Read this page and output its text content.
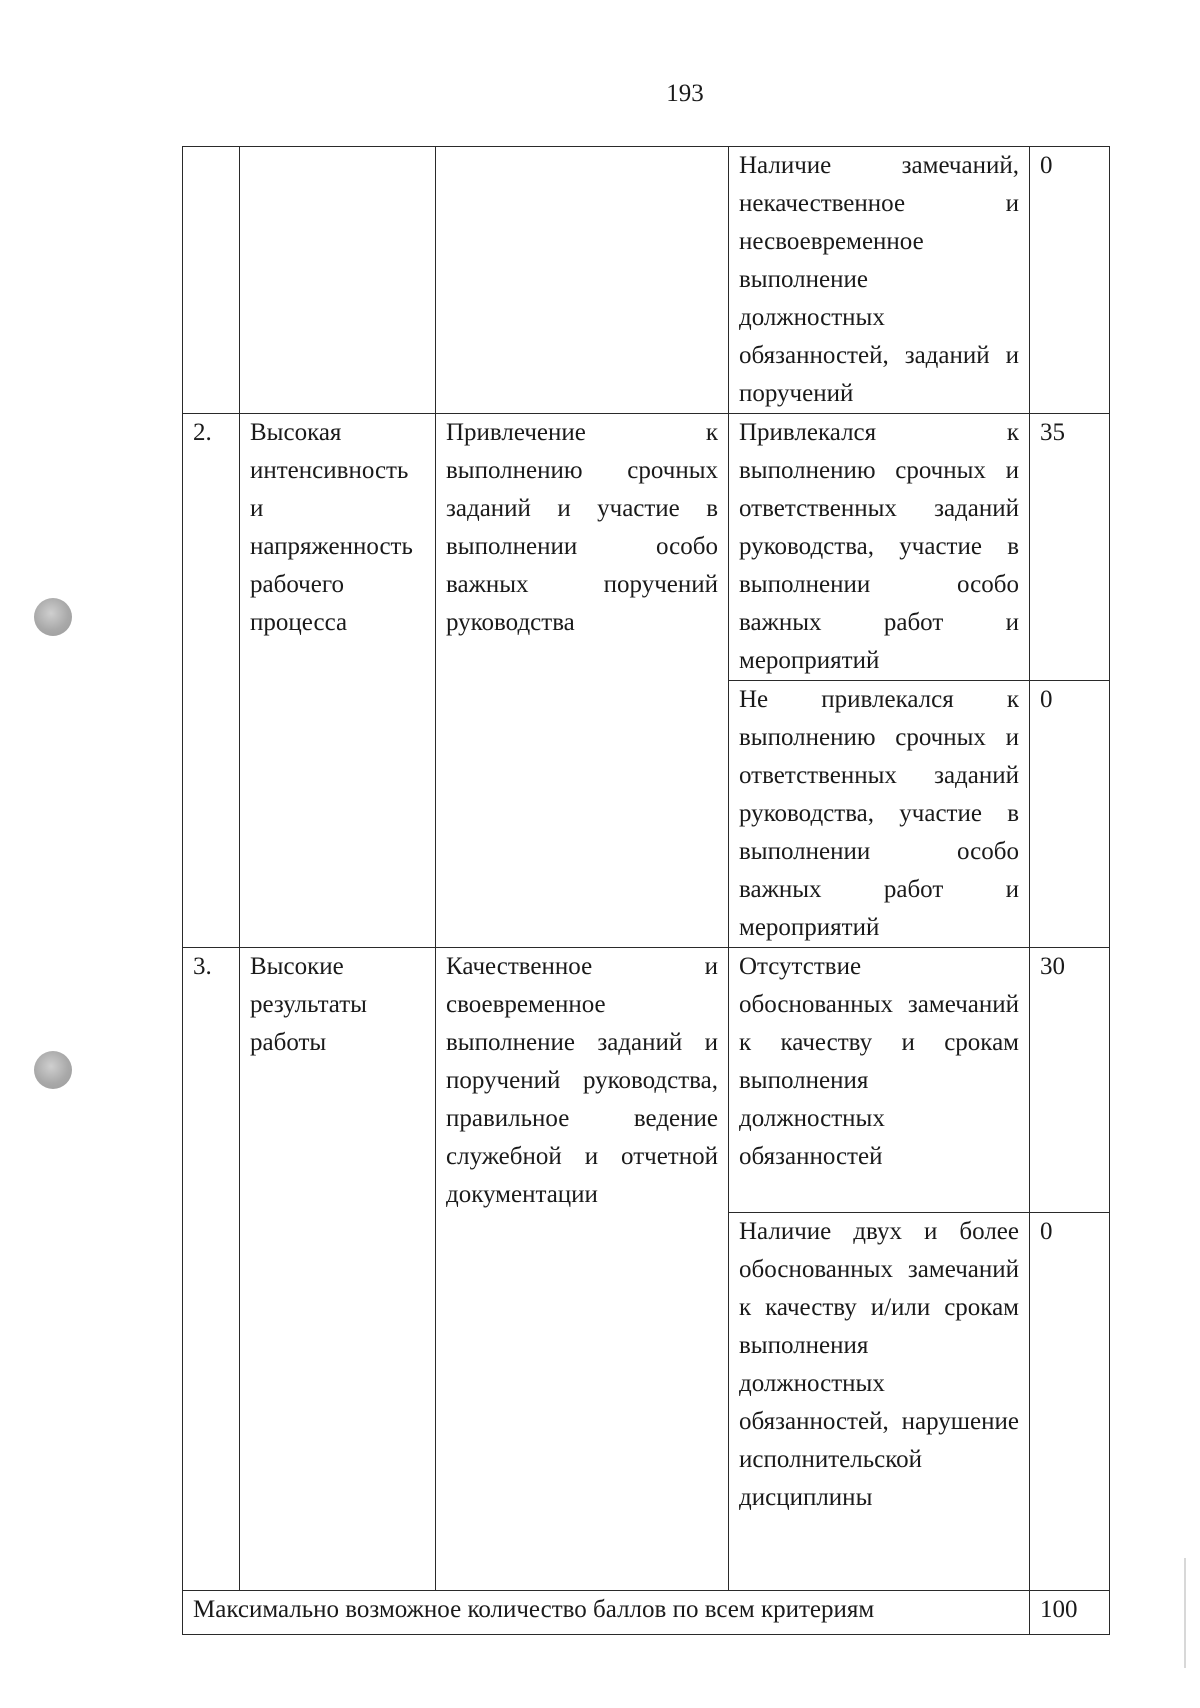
193
			Наличие замечаний, некачественное и несвоевременное выполнение должностных обязанностей, заданий и поручений	0
2.	Высокая интенсивность и напряженность рабочего процесса	Привлечение к выполнению срочных заданий и участие в выполнении особо важных поручений руководства	Привлекался к выполнению срочных и ответственных заданий руководства, участие в выполнении особо важных работ и мероприятий	35
			Не привлекался к выполнению срочных и ответственных заданий руководства, участие в выполнении особо важных работ и мероприятий	0
3.	Высокие результаты работы	Качественное и своевременное выполнение заданий и поручений руководства, правильное ведение служебной и отчетной документации	Отсутствие обоснованных замечаний к качеству и срокам выполнения должностных обязанностей	30
			Наличие двух и более обоснованных замечаний к качеству и/или срокам выполнения должностных обязанностей, нарушение исполнительской дисциплины	0
Максимально возможное количество баллов по всем критериям				100
